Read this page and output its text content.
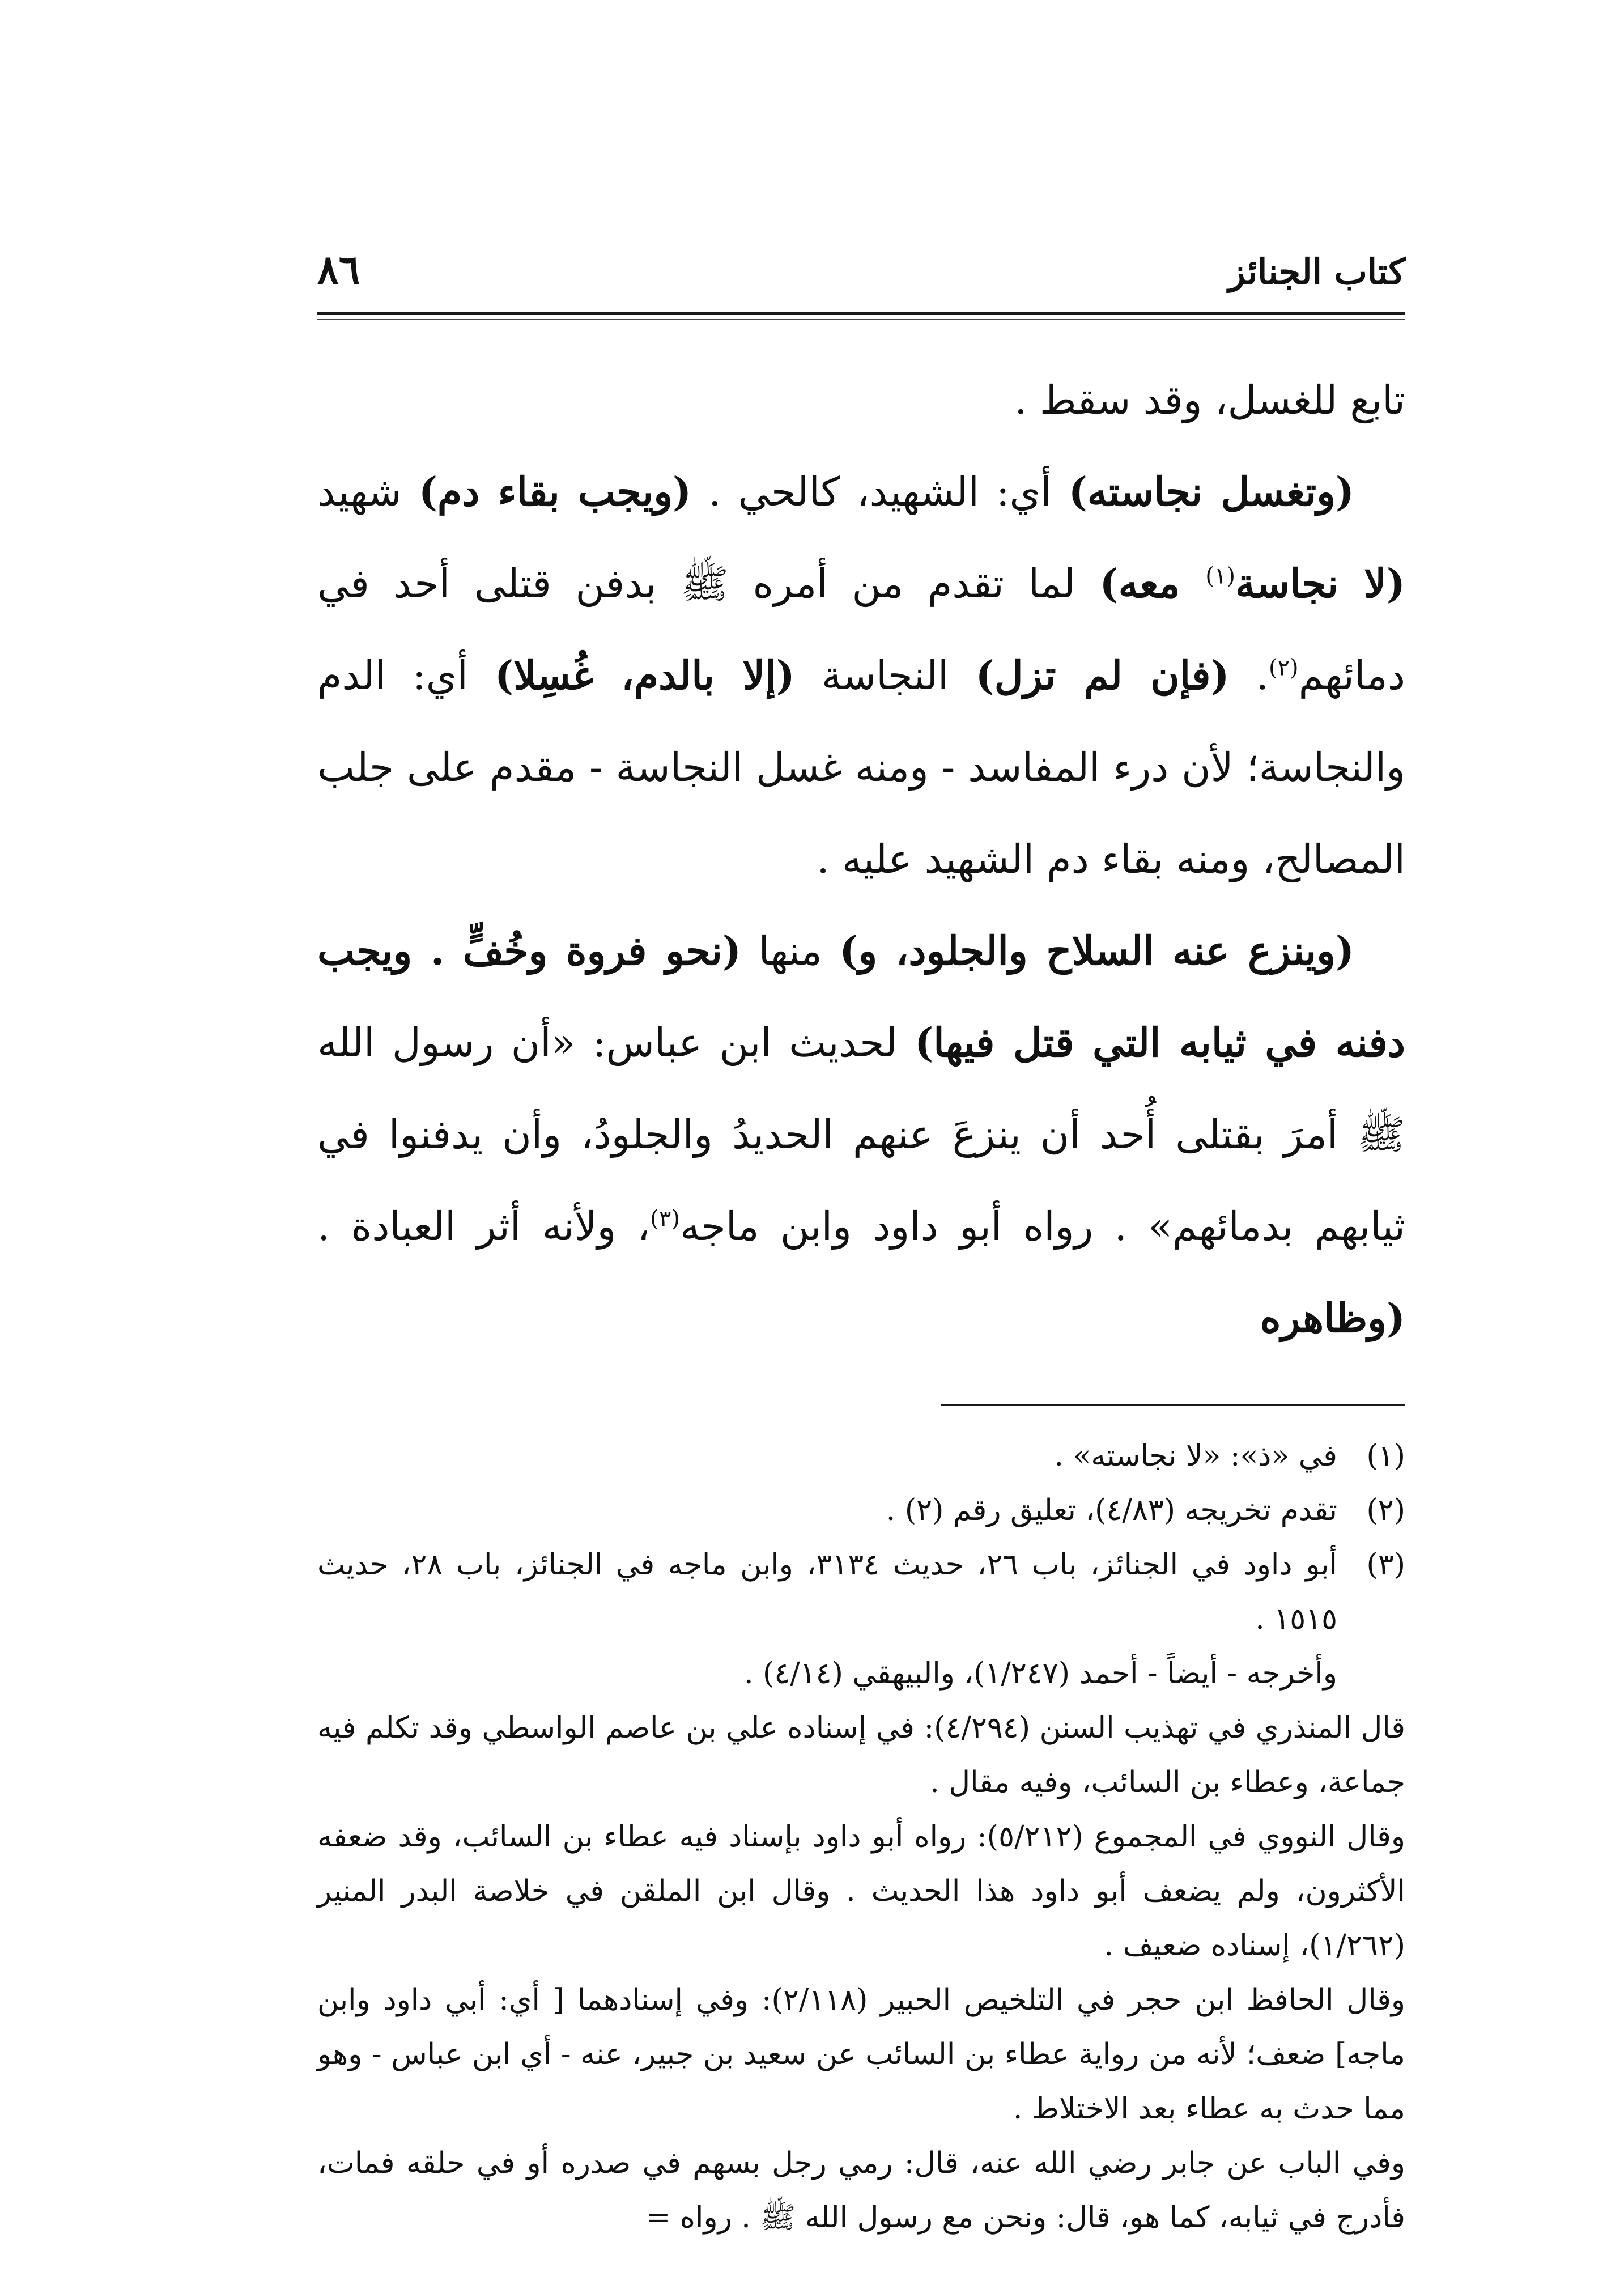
كتاب الجنائز
٨٦

تابع للغسل، وقد سقط .

(وتغسل نجاسته) أي: الشهيد، كالحي . (ويجب بقاء دم) شهيد (لا نجاسة$^{(١)}$ معه) لما تقدم من أمره ﷺ بدفن قتلى أحد في دمائهم$^{(٢)}$. (فإن لم تزل) النجاسة (إلا بالدم، غُسِلا) أي: الدم والنجاسة؛ لأن درء المفاسد - ومنه غسل النجاسة - مقدم على جلب المصالح، ومنه بقاء دم الشهيد عليه .

(وينزع عنه السلاح والجلود، و) منها (نحو فروة وخُفٍّ . ويجب دفنه في ثيابه التي قتل فيها) لحديث ابن عباس: «أن رسول الله ﷺ أمرَ بقتلى أُحد أن ينزعَ عنهم الحديدُ والجلودُ، وأن يدفنوا في ثيابهم بدمائهم» . رواه أبو داود وابن ماجه$^{(٣)}$، ولأنه أثر العبادة . (وظاهره

(١)
في «ذ»: «لا نجاسته» .
(٢)
تقدم تخريجه (٤/٨٣)، تعليق رقم (٢) .
(٣)

أبو داود في الجنائز، باب ٢٦، حديث ٣١٣٤، وابن ماجه في الجنائز، باب ٢٨، حديث ١٥١٥ .

وأخرجه - أيضاً - أحمد (١/٢٤٧)، والبيهقي (٤/١٤) .

قال المنذري في تهذيب السنن (٤/٢٩٤): في إسناده علي بن عاصم الواسطي وقد تكلم فيه جماعة، وعطاء بن السائب، وفيه مقال .

وقال النووي في المجموع (٥/٢١٢): رواه أبو داود بإسناد فيه عطاء بن السائب، وقد ضعفه الأكثرون، ولم يضعف أبو داود هذا الحديث . وقال ابن الملقن في خلاصة البدر المنير (١/٢٦٢)، إسناده ضعيف .

وقال الحافظ ابن حجر في التلخيص الحبير (٢/١١٨): وفي إسنادهما [ أي: أبي داود وابن ماجه] ضعف؛ لأنه من رواية عطاء بن السائب عن سعيد بن جبير، عنه - أي ابن عباس - وهو مما حدث به عطاء بعد الاختلاط .

وفي الباب عن جابر رضي الله عنه، قال: رمي رجل بسهم في صدره أو في حلقه فمات، فأدرج في ثيابه، كما هو، قال: ونحن مع رسول الله ﷺ . رواه =
